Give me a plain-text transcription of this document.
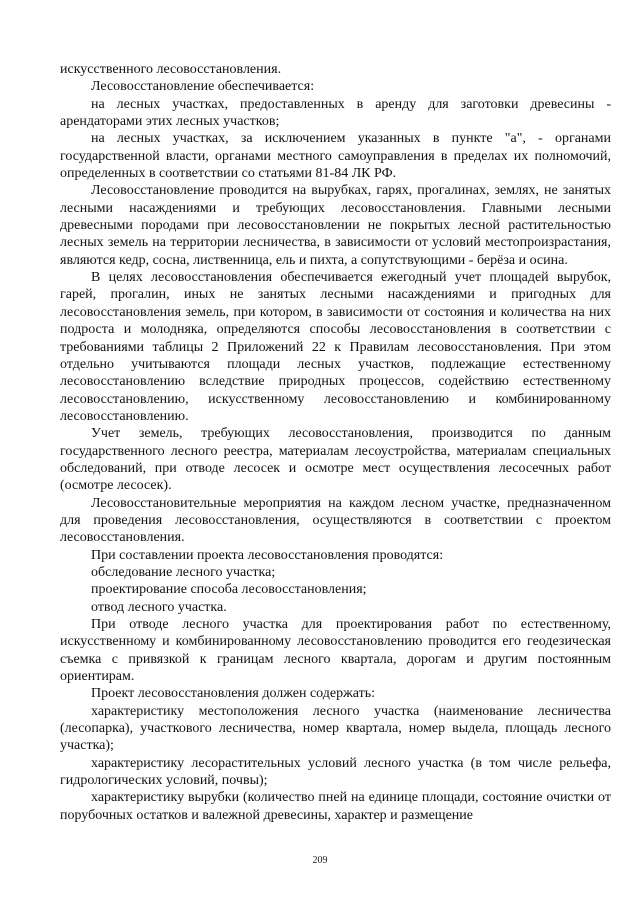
искусственного лесовосстановления.

Лесовосстановление обеспечивается:

на лесных участках, предоставленных в аренду для заготовки древесины - арендаторами этих лесных участков;

на лесных участках, за исключением указанных в пункте "а", - органами государственной власти, органами местного самоуправления в пределах их полномочий, определенных в соответствии со статьями 81-84 ЛК РФ.

Лесовосстановление проводится на вырубках, гарях, прогалинах, землях, не занятых лесными насаждениями и требующих лесовосстановления. Главными лесными древесными породами при лесовосстановлении не покрытых лесной растительностью лесных земель на территории лесничества, в зависимости от условий местопроизрастания, являются кедр, сосна, лиственница, ель и пихта, а сопутствующими - берёза и осина.

В целях лесовосстановления обеспечивается ежегодный учет площадей вырубок, гарей, прогалин, иных не занятых лесными насаждениями и пригодных для лесовосстановления земель, при котором, в зависимости от состояния и количества на них подроста и молодняка, определяются способы лесовосстановления в соответствии с требованиями таблицы 2 Приложений 22 к Правилам лесовосстановления. При этом отдельно учитываются площади лесных участков, подлежащие естественному лесовосстановлению вследствие природных процессов, содействию естественному лесовосстановлению, искусственному лесовосстановлению и комбинированному лесовосстановлению.

Учет земель, требующих лесовосстановления, производится по данным государственного лесного реестра, материалам лесоустройства, материалам специальных обследований, при отводе лесосек и осмотре мест осуществления лесосечных работ (осмотре лесосек).

Лесовосстановительные мероприятия на каждом лесном участке, предназначенном для проведения лесовосстановления, осуществляются в соответствии с проектом лесовосстановления.

При составлении проекта лесовосстановления проводятся:

обследование лесного участка;

проектирование способа лесовосстановления;

отвод лесного участка.

При отводе лесного участка для проектирования работ по естественному, искусственному и комбинированному лесовосстановлению проводится его геодезическая съемка с привязкой к границам лесного квартала, дорогам и другим постоянным ориентирам.

Проект лесовосстановления должен содержать:

характеристику местоположения лесного участка (наименование лесничества (лесопарка), участкового лесничества, номер квартала, номер выдела, площадь лесного участка);

характеристику лесорастительных условий лесного участка (в том числе рельефа, гидрологических условий, почвы);

характеристику вырубки (количество пней на единице площади, состояние очистки от порубочных остатков и валежной древесины, характер и размещение

209
